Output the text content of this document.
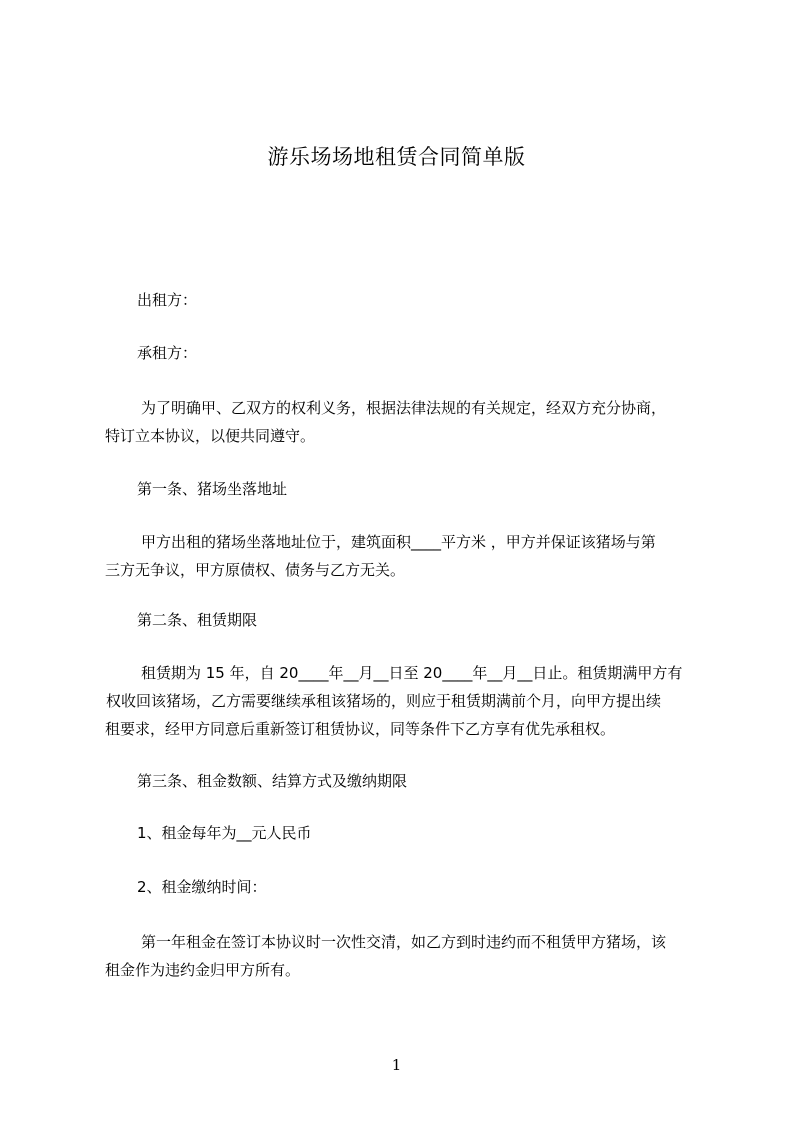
游乐场场地租赁合同简单版
出租方：
承租方：
为了明确甲、乙双方的权利义务，根据法律法规的有关规定，经双方充分协商，
特订立本协议，以便共同遵守。
第一条、猪场坐落地址
甲方出租的猪场坐落地址位于，建筑面积____平方米 ，甲方并保证该猪场与第
三方无争议，甲方原债权、债务与乙方无关。
第二条、租赁期限
租赁期为 15 年，自 20____年__月__日至 20____年__月__日止。租赁期满甲方有
权收回该猪场，乙方需要继续承租该猪场的，则应于租赁期满前个月，向甲方提出续
租要求，经甲方同意后重新签订租赁协议，同等条件下乙方享有优先承租权。
第三条、租金数额、结算方式及缴纳期限
1、租金每年为__元人民币
2、租金缴纳时间：
第一年租金在签订本协议时一次性交清，如乙方到时违约而不租赁甲方猪场，该
租金作为违约金归甲方所有。
1
